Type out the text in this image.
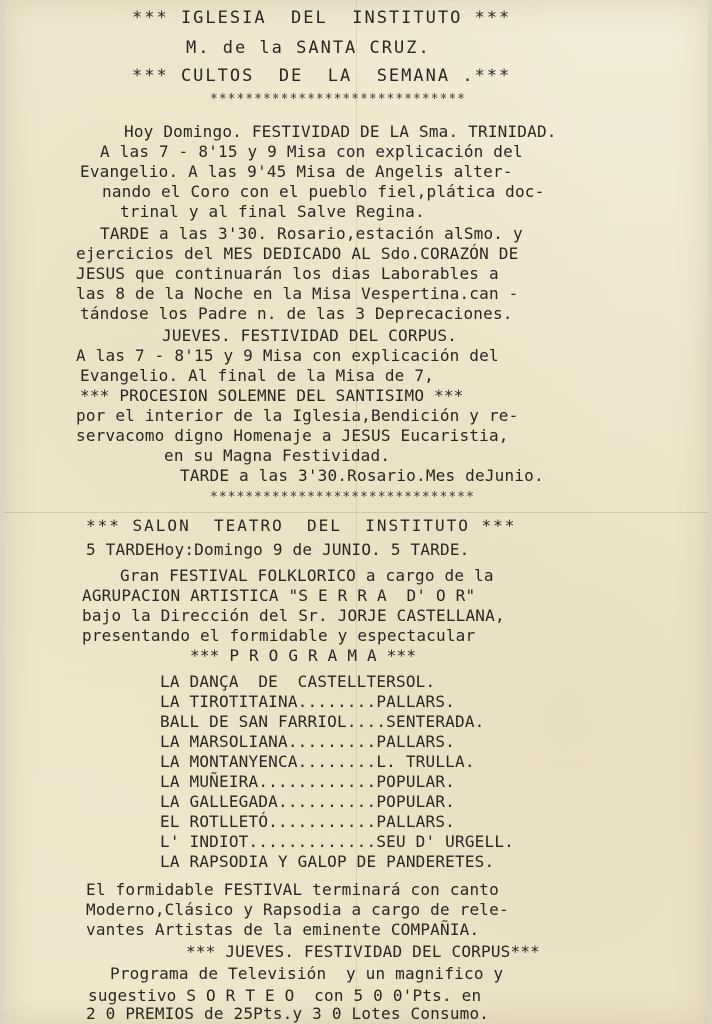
*** IGLESIA  DEL  INSTITUTO ***
M. de la SANTA CRUZ.
*** CULTOS  DE  LA  SEMANA .***
*****************************
Hoy Domingo. FESTIVIDAD DE LA Sma. TRINIDAD.
A las 7 - 8'15 y 9 Misa con explicación del
Evangelio. A las 9'45 Misa de Angelis alter-
nando el Coro con el pueblo fiel,plática doc-
trinal y al final Salve Regina.
TARDE a las 3'30. Rosario,estación alSmo. y
ejercicios del MES DEDICADO AL Sdo.CORAZÓN DE
JESUS que continuarán los dias Laborables a
las 8 de la Noche en la Misa Vespertina.can -
tándose los Padre n. de las 3 Deprecaciones.
JUEVES. FESTIVIDAD DEL CORPUS.
A las 7 - 8'15 y 9 Misa con explicación del
Evangelio. Al final de la Misa de 7,
*** PROCESION SOLEMNE DEL SANTISIMO ***
por el interior de la Iglesia,Bendición y re-
servacomo digno Homenaje a JESUS Eucaristia,
en su Magna Festividad.
TARDE a las 3'30.Rosario.Mes deJunio.
******************************
*** SALON  TEATRO  DEL  INSTITUTO ***
5 TARDEHoy:Domingo 9 de JUNIO. 5 TARDE.
Gran FESTIVAL FOLKLORICO a cargo de la
AGRUPACION ARTISTICA "S E R R A  D' O R"
bajo la Dirección del Sr. JORJE CASTELLANA,
presentando el formidable y espectacular
*** P R O G R A M A ***
LA DANÇA  DE  CASTELLTERSOL.
LA TIROTITAINA........PALLARS.
BALL DE SAN FARRIOL....SENTERADA.
LA MARSOLIANA.........PALLARS.
LA MONTANYENCA........L. TRULLA.
LA MUÑEIRA............POPULAR.
LA GALLEGADA..........POPULAR.
EL ROTLLETÓ...........PALLARS.
L' INDIOT.............SEU D' URGELL.
LA RAPSODIA Y GALOP DE PANDERETES.
El formidable FESTIVAL terminará con canto
Moderno,Clásico y Rapsodia a cargo de rele-
vantes Artistas de la eminente COMPAÑIA.
*** JUEVES. FESTIVIDAD DEL CORPUS***
Programa de Televisión  y un magnifico y
sugestivo S O R T E O  con 5 0 0'Pts. en
2 0 PREMIOS de 25Pts.y 3 0 Lotes Consumo.
